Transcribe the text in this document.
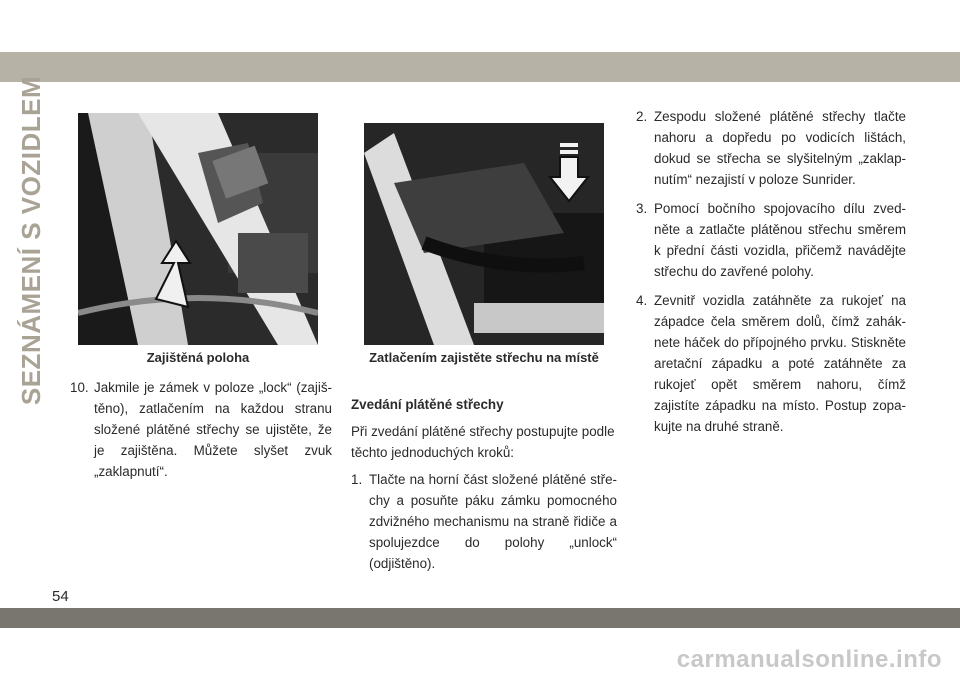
SEZNÁMENÍ S VOZIDLEM	Zajištěná poloha	Zatlačením zajistěte střechu na místě
10. Jakmile je zámek v poloze „lock“ (zajištěno), zatlačením na každou stranu složené plátěné střechy se ujistěte, že je zajištěna. Můžete slyšet zvuk „zaklapnutí“.
Zvedání plátěné střechy
Při zvedání plátěné střechy postupujte podle těchto jednoduchých kroků:
1. Tlačte na horní část složené plátěné střechy a posuňte páku zámku pomocného zdvižného mechanismu na straně řidiče a spolujezdce do polohy „unlock“ (odjištěno).
2. Zespodu složené plátěné střechy tlačte nahoru a dopředu po vodicích lištách, dokud se střecha se slyšitelným „zaklapnutím“ nezajistí v poloze Sunrider.
3. Pomocí bočního spojovacího dílu zvedněte a zatlačte plátěnou střechu směrem k přední části vozidla, přičemž navádějte střechu do zavřené polohy.
4. Zevnitř vozidla zatáhněte za rukojeť na západce čela směrem dolů, čímž zaháknete háček do přípojného prvku. Stiskněte aretační západku a poté zatáhněte za rukojeť opět směrem nahoru, čímž zajistíte západku na místo. Postup zopakujte na druhé straně.
54
carmanualsonline.info
